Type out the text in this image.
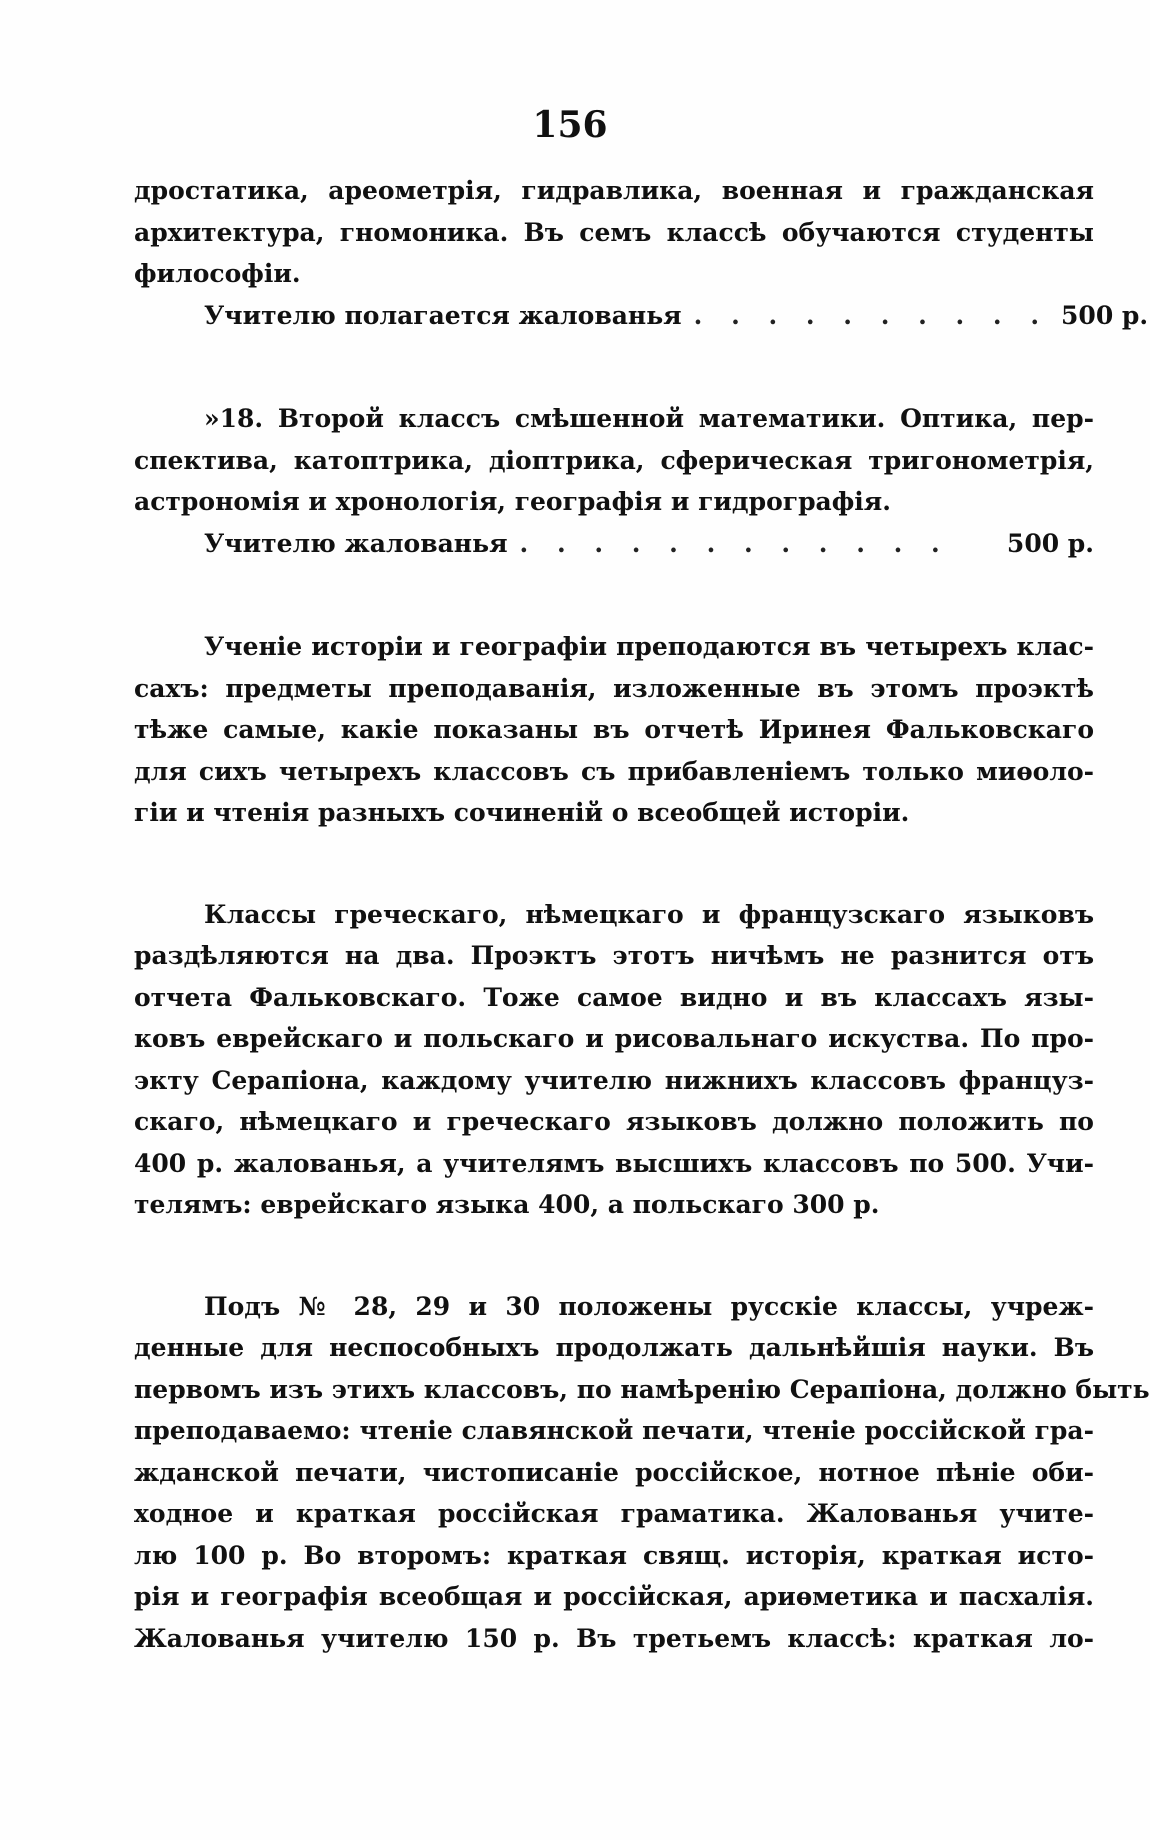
156
дростатика, ареометрія, гидравлика, военная и гражданская
архитектура, гномоника. Въ семъ классѣ обучаются студенты
философіи.
Учителю полагается жалованья . . . . . . . . . . 500 р.
»18. Второй классъ смѣшенной математики. Оптика, пер-
спектива, катоптрика, діоптрика, сферическая тригонометрія,
астрономія и хронологія, географія и гидрографія.
Учителю жалованья . . . . . . . . . . . .	500 р.
Ученіе исторіи и географіи преподаются въ четырехъ клас-
сахъ: предметы преподаванія, изложенные въ этомъ проэктѣ
тѣже самые, какіе показаны въ отчетѣ Иринея Фальковскаго
для сихъ четырехъ классовъ съ прибавленіемъ только миѳоло-
гіи и чтенія разныхъ сочиненій о всеобщей исторіи.
Классы греческаго, нѣмецкаго и французскаго языковъ
раздѣляются на два. Проэктъ этотъ ничѣмъ не разнится отъ
отчета Фальковскаго. Тоже самое видно и въ классахъ язы-
ковъ еврейскаго и польскаго и рисовальнаго искуства. По про-
экту Серапіона, каждому учителю нижнихъ классовъ француз-
скаго, нѣмецкаго и греческаго языковъ должно положить по
400 р. жалованья, а учителямъ высшихъ классовъ по 500. Учи-
телямъ: еврейскаго языка 400, а польскаго 300 р.
Подъ № 28, 29 и 30 положены русскіе классы, учреж-
денные для неспособныхъ продолжать дальнѣйшія науки. Въ
первомъ изъ этихъ классовъ, по намѣренію Серапіона, должно быть
преподаваемо: чтеніе славянской печати, чтеніе россійской гра-
жданской печати, чистописаніе россійское, нотное пѣніе оби-
ходное и краткая россійская граматика. Жалованья учите-
лю 100 р. Во второмъ: краткая свящ. исторія, краткая исто-
рія и географія всеобщая и россійская, ариѳметика и пасхалія.
Жалованья учителю 150 р. Въ третьемъ классѣ: краткая ло-
